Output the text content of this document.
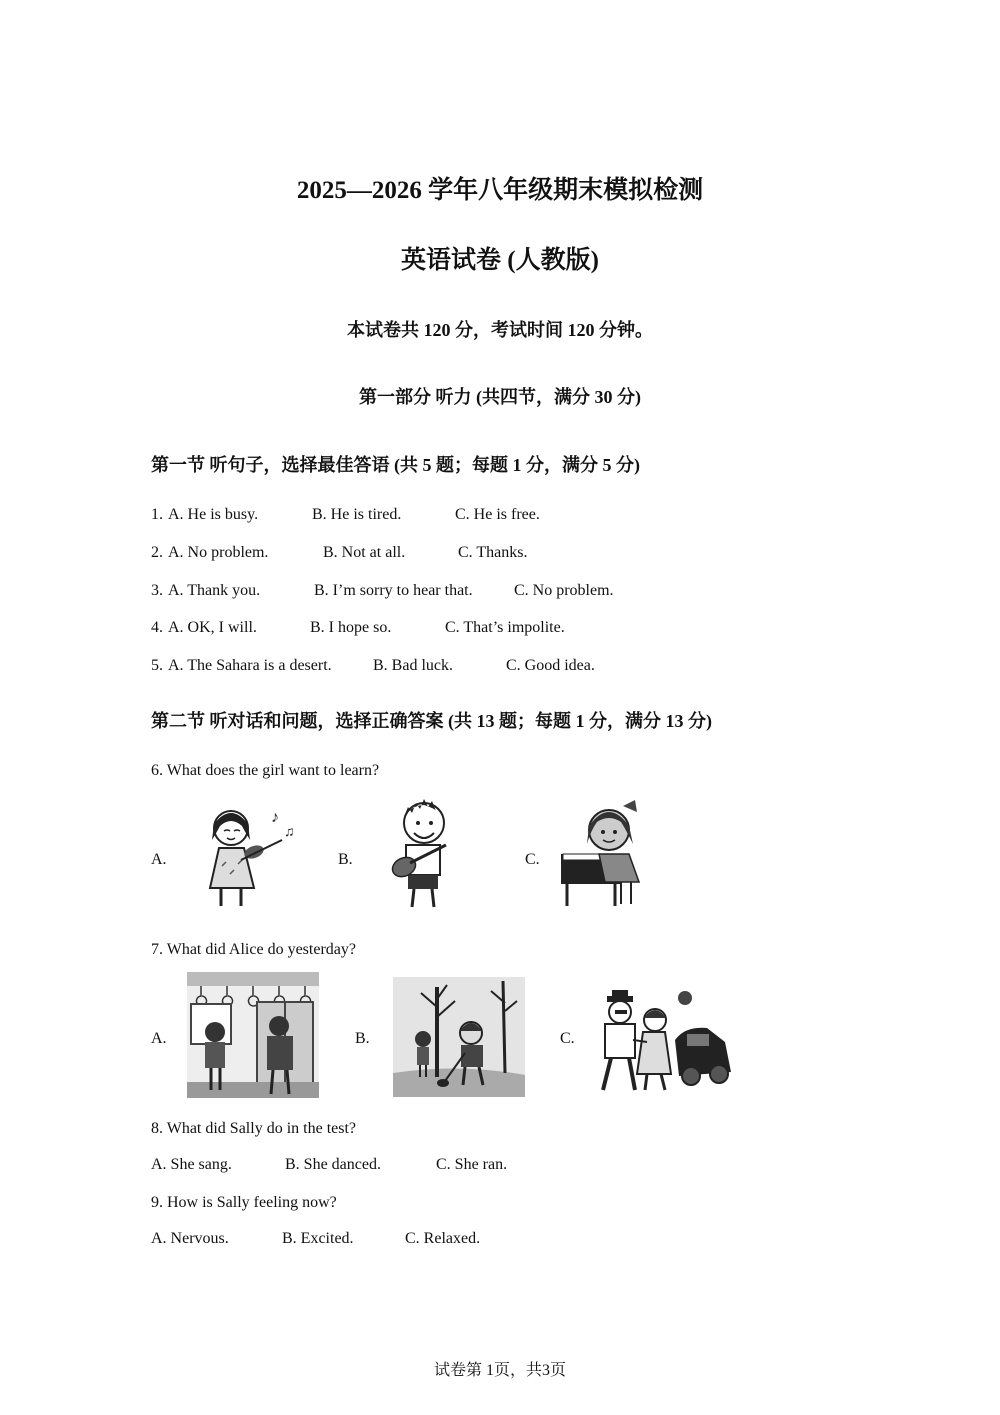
2025—2026 学年八年级期末模拟检测
英语试卷 (人教版)
本试卷共 120 分，考试时间 120 分钟。
第一部分 听力 (共四节，满分 30 分)
第一节 听句子，选择最佳答语 (共 5 题；每题 1 分，满分 5 分)
1. A. He is busy.	B. He is tired.	C. He is free.
2. A. No problem.	B. Not at all.	C. Thanks.
3. A. Thank you.	B. I’m sorry to hear that.	C. No problem.
4. A. OK, I will.	B. I hope so.	C. That’s impolite.
5. A. The Sahara is a desert.	B. Bad luck.	C. Good idea.
第二节 听对话和问题，选择正确答案 (共 13 题；每题 1 分，满分 13 分)
6. What does the girl want to learn?
A.
♪
♫
B.	C.
7. What did Alice do yesterday?
A.	B.	C.
8. What did Sally do in the test?
A. She sang.	B. She danced.	C. She ran.
9. How is Sally feeling now?
A. Nervous.	B. Excited.	C. Relaxed.
试卷第 1页，共3页
